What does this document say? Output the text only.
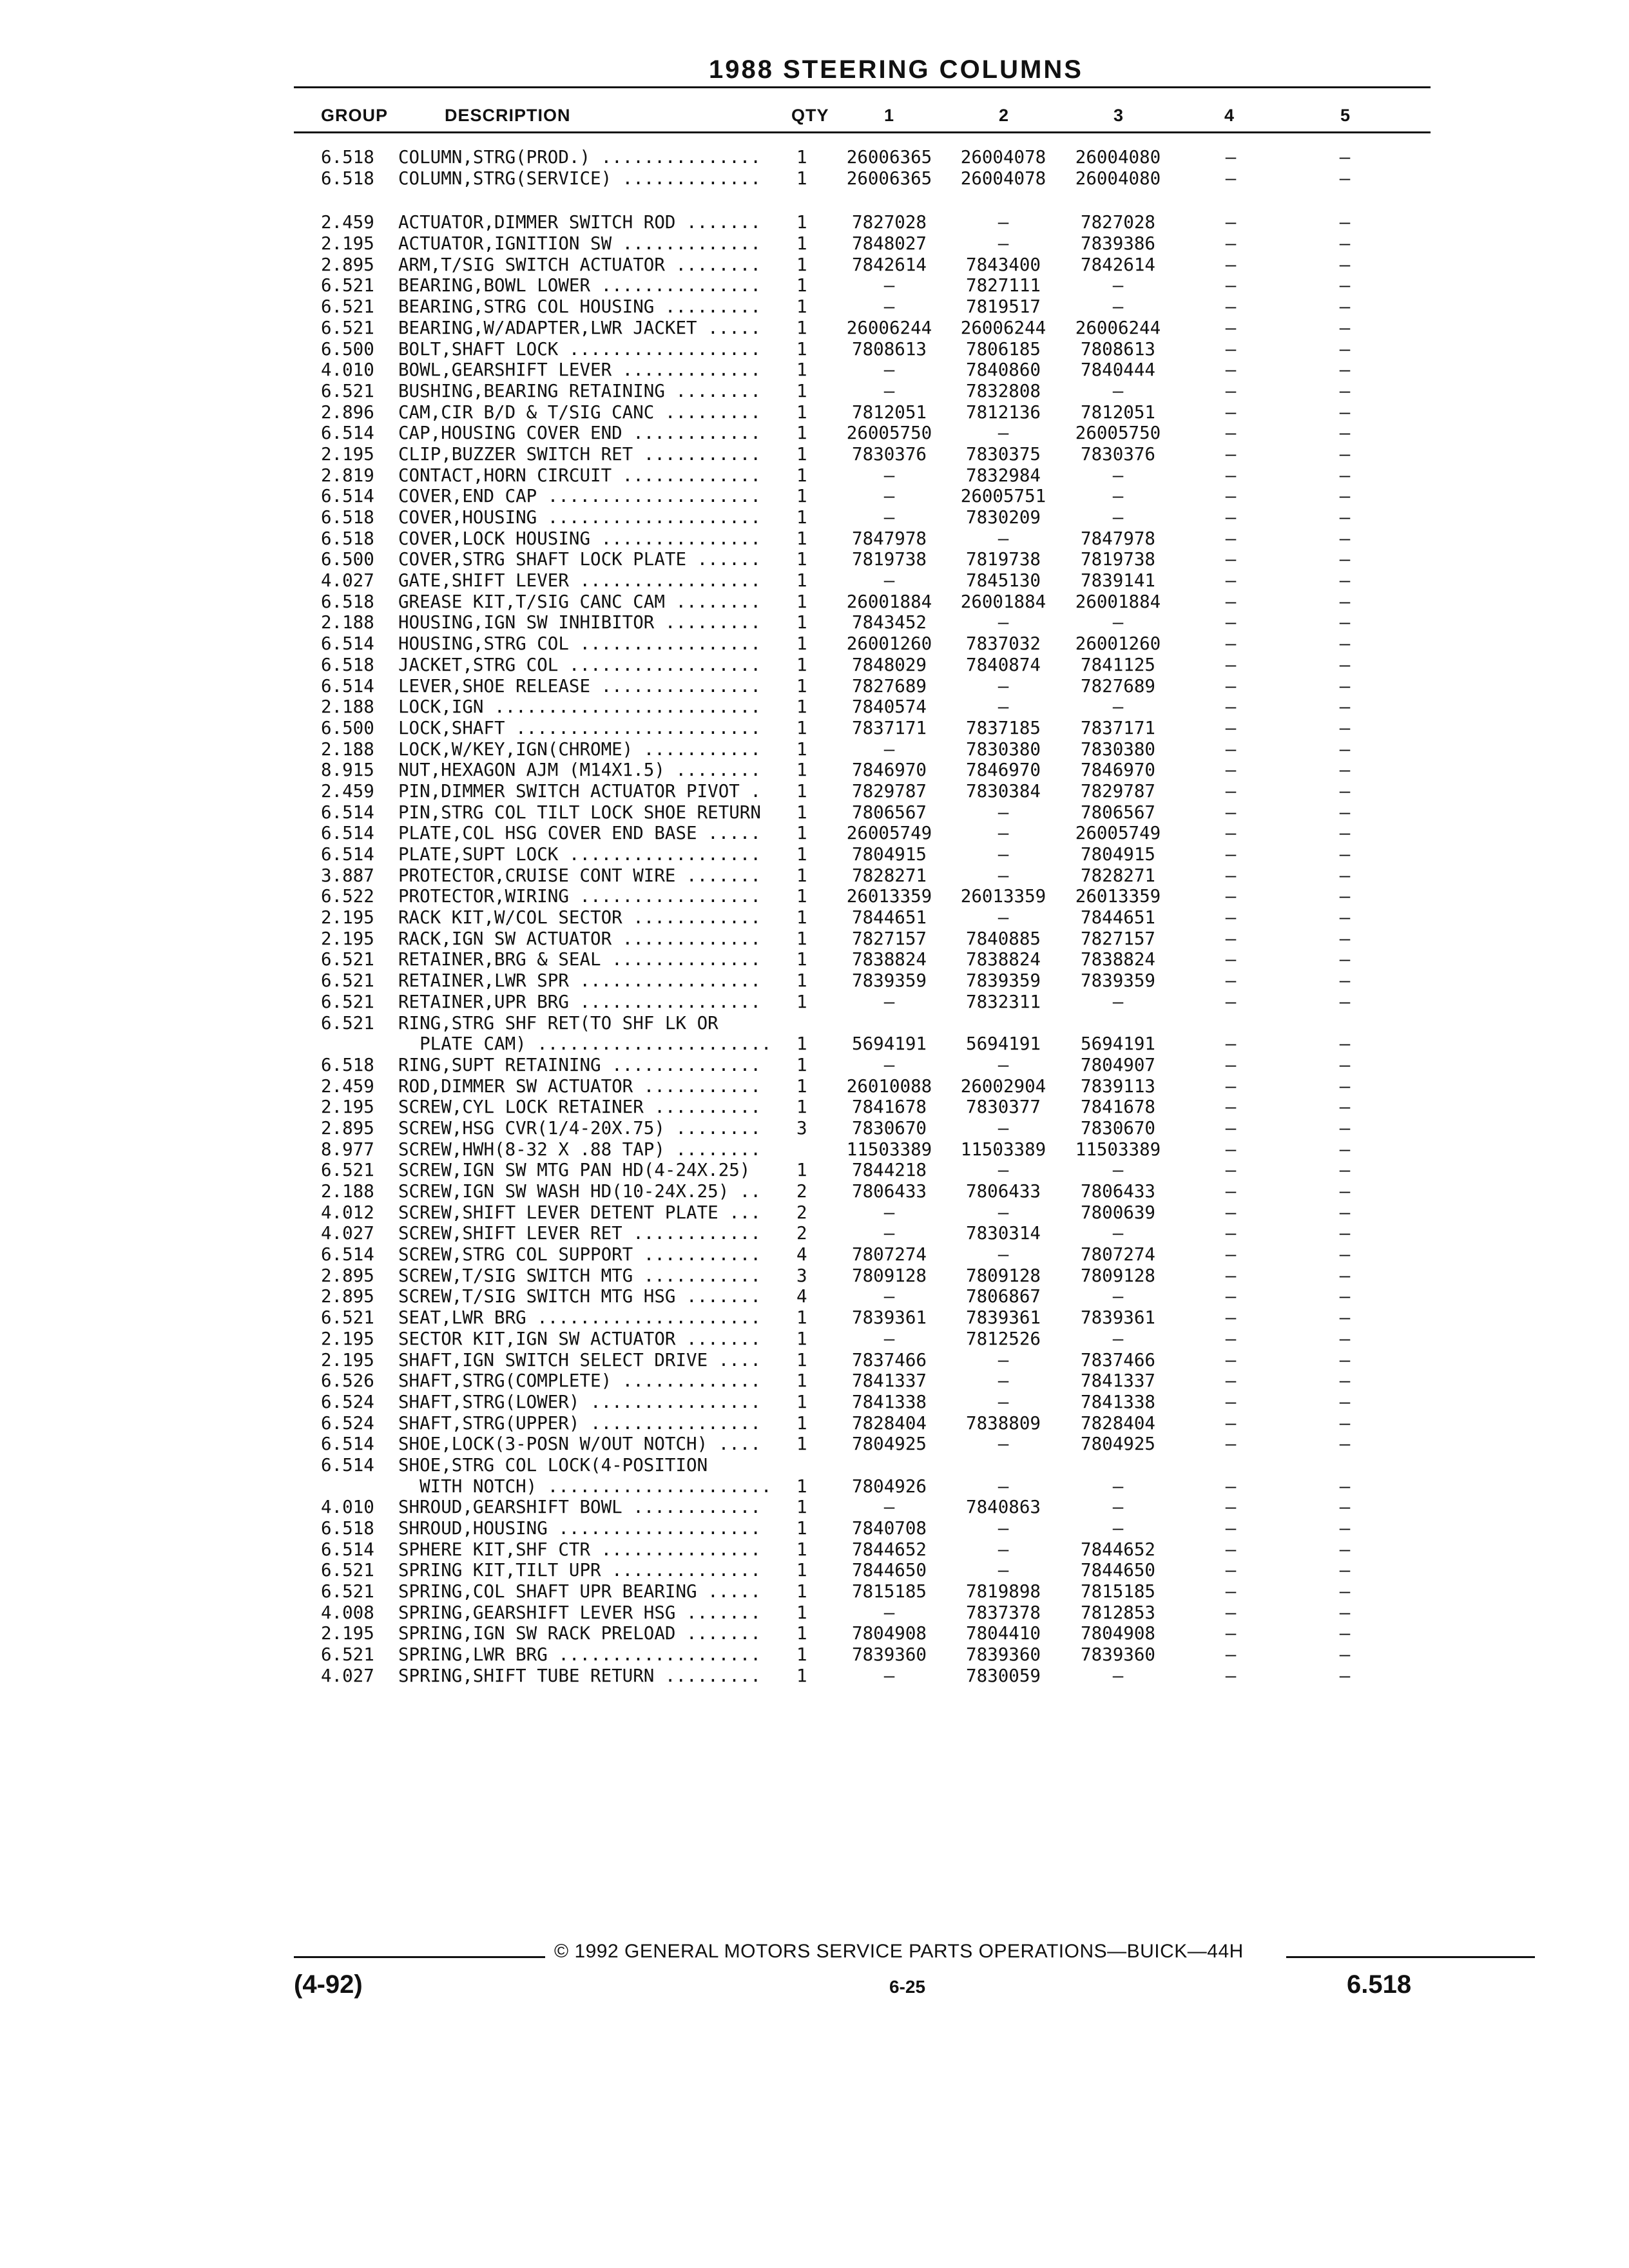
1988 STEERING COLUMNS
GROUP	DESCRIPTION	QTY	1	2	3	4	5
6.518 COLUMN,STRG(PROD.) ............... 1	26006365	26004078	26004080	—	—
6.518 COLUMN,STRG(SERVICE) ............. 1	26006365	26004078	26004080	—	—
2.459 ACTUATOR,DIMMER SWITCH ROD ....... 1	7827028	—	7827028	—	—
2.195 ACTUATOR,IGNITION SW ............. 1	7848027	—	7839386	—	—
2.895 ARM,T/SIG SWITCH ACTUATOR ........ 1	7842614	7843400	7842614	—	—
6.521 BEARING,BOWL LOWER ............... 1	—	7827111	—	—	—
6.521 BEARING,STRG COL HOUSING ......... 1	—	7819517	—	—	—
6.521 BEARING,W/ADAPTER,LWR JACKET ..... 1	26006244	26006244	26006244	—	—
6.500 BOLT,SHAFT LOCK .................. 1	7808613	7806185	7808613	—	—
4.010 BOWL,GEARSHIFT LEVER ............. 1	—	7840860	7840444	—	—
6.521 BUSHING,BEARING RETAINING ........ 1	—	7832808	—	—	—
2.896 CAM,CIR B/D & T/SIG CANC ......... 1	7812051	7812136	7812051	—	—
6.514 CAP,HOUSING COVER END ............ 1	26005750	—	26005750	—	—
2.195 CLIP,BUZZER SWITCH RET ........... 1	7830376	7830375	7830376	—	—
2.819 CONTACT,HORN CIRCUIT ............. 1	—	7832984	—	—	—
6.514 COVER,END CAP .................... 1	—	26005751	—	—	—
6.518 COVER,HOUSING .................... 1	—	7830209	—	—	—
6.518 COVER,LOCK HOUSING ............... 1	7847978	—	7847978	—	—
6.500 COVER,STRG SHAFT LOCK PLATE ...... 1	7819738	7819738	7819738	—	—
4.027 GATE,SHIFT LEVER ................. 1	—	7845130	7839141	—	—
6.518 GREASE KIT,T/SIG CANC CAM ........ 1	26001884	26001884	26001884	—	—
2.188 HOUSING,IGN SW INHIBITOR ......... 1	7843452	—	—	—	—
6.514 HOUSING,STRG COL ................. 1	26001260	7837032	26001260	—	—
6.518 JACKET,STRG COL .................. 1	7848029	7840874	7841125	—	—
6.514 LEVER,SHOE RELEASE ............... 1	7827689	—	7827689	—	—
2.188 LOCK,IGN ......................... 1	7840574	—	—	—	—
6.500 LOCK,SHAFT ....................... 1	7837171	7837185	7837171	—	—
2.188 LOCK,W/KEY,IGN(CHROME) ........... 1	—	7830380	7830380	—	—
8.915 NUT,HEXAGON AJM (M14X1.5) ........ 1	7846970	7846970	7846970	—	—
2.459 PIN,DIMMER SWITCH ACTUATOR PIVOT . 1	7829787	7830384	7829787	—	—
6.514 PIN,STRG COL TILT LOCK SHOE RETURN 1	7806567	—	7806567	—	—
6.514 PLATE,COL HSG COVER END BASE ..... 1	26005749	—	26005749	—	—
6.514 PLATE,SUPT LOCK .................. 1	7804915	—	7804915	—	—
3.887 PROTECTOR,CRUISE CONT WIRE ....... 1	7828271	—	7828271	—	—
6.522 PROTECTOR,WIRING ................. 1	26013359	26013359	26013359	—	—
2.195 RACK KIT,W/COL SECTOR ............ 1	7844651	—	7844651	—	—
2.195 RACK,IGN SW ACTUATOR ............. 1	7827157	7840885	7827157	—	—
6.521 RETAINER,BRG & SEAL .............. 1	7838824	7838824	7838824	—	—
6.521 RETAINER,LWR SPR ................. 1	7839359	7839359	7839359	—	—
6.521 RETAINER,UPR BRG ................. 1	—	7832311	—	—	—
6.521 RING,STRG SHF RET(TO SHF LK OR
PLATE CAM) ...................... 1	5694191	5694191	5694191	—	—
6.518 RING,SUPT RETAINING .............. 1	—	—	7804907	—	—
2.459 ROD,DIMMER SW ACTUATOR ........... 1	26010088	26002904	7839113	—	—
2.195 SCREW,CYL LOCK RETAINER .......... 1	7841678	7830377	7841678	—	—
2.895 SCREW,HSG CVR(1/4-20X.75) ........ 3	7830670	—	7830670	—	—
8.977 SCREW,HWH(8-32 X .88 TAP) ........	11503389	11503389	11503389	—	—
6.521 SCREW,IGN SW MTG PAN HD(4-24X.25)	1	7844218	—	—	—	—
2.188 SCREW,IGN SW WASH HD(10-24X.25) .. 2	7806433	7806433	7806433	—	—
4.012 SCREW,SHIFT LEVER DETENT PLATE ... 2	—	—	7800639	—	—
4.027 SCREW,SHIFT LEVER RET ............ 2	—	7830314	—	—	—
6.514 SCREW,STRG COL SUPPORT ........... 4	7807274	—	7807274	—	—
2.895 SCREW,T/SIG SWITCH MTG ........... 3	7809128	7809128	7809128	—	—
2.895 SCREW,T/SIG SWITCH MTG HSG ....... 4	—	7806867	—	—	—
6.521 SEAT,LWR BRG ..................... 1	7839361	7839361	7839361	—	—
2.195 SECTOR KIT,IGN SW ACTUATOR ....... 1	—	7812526	—	—	—
2.195 SHAFT,IGN SWITCH SELECT DRIVE .... 1	7837466	—	7837466	—	—
6.526 SHAFT,STRG(COMPLETE) ............. 1	7841337	—	7841337	—	—
6.524 SHAFT,STRG(LOWER) ................ 1	7841338	—	7841338	—	—
6.524 SHAFT,STRG(UPPER) ................ 1	7828404	7838809	7828404	—	—
6.514 SHOE,LOCK(3-POSN W/OUT NOTCH) .... 1	7804925	—	7804925	—	—
6.514 SHOE,STRG COL LOCK(4-POSITION
WITH NOTCH) ..................... 1	7804926	—	—	—	—
4.010 SHROUD,GEARSHIFT BOWL ............ 1	—	7840863	—	—	—
6.518 SHROUD,HOUSING ................... 1	7840708	—	—	—	—
6.514 SPHERE KIT,SHF CTR ............... 1	7844652	—	7844652	—	—
6.521 SPRING KIT,TILT UPR .............. 1	7844650	—	7844650	—	—
6.521 SPRING,COL SHAFT UPR BEARING ..... 1	7815185	7819898	7815185	—	—
4.008 SPRING,GEARSHIFT LEVER HSG ....... 1	—	7837378	7812853	—	—
2.195 SPRING,IGN SW RACK PRELOAD ....... 1	7804908	7804410	7804908	—	—
6.521 SPRING,LWR BRG ................... 1	7839360	7839360	7839360	—	—
4.027 SPRING,SHIFT TUBE RETURN ......... 1	—	7830059	—	—	—
© 1992 GENERAL MOTORS SERVICE PARTS OPERATIONS—BUICK—44H
(4-92)	6-25	6.518
